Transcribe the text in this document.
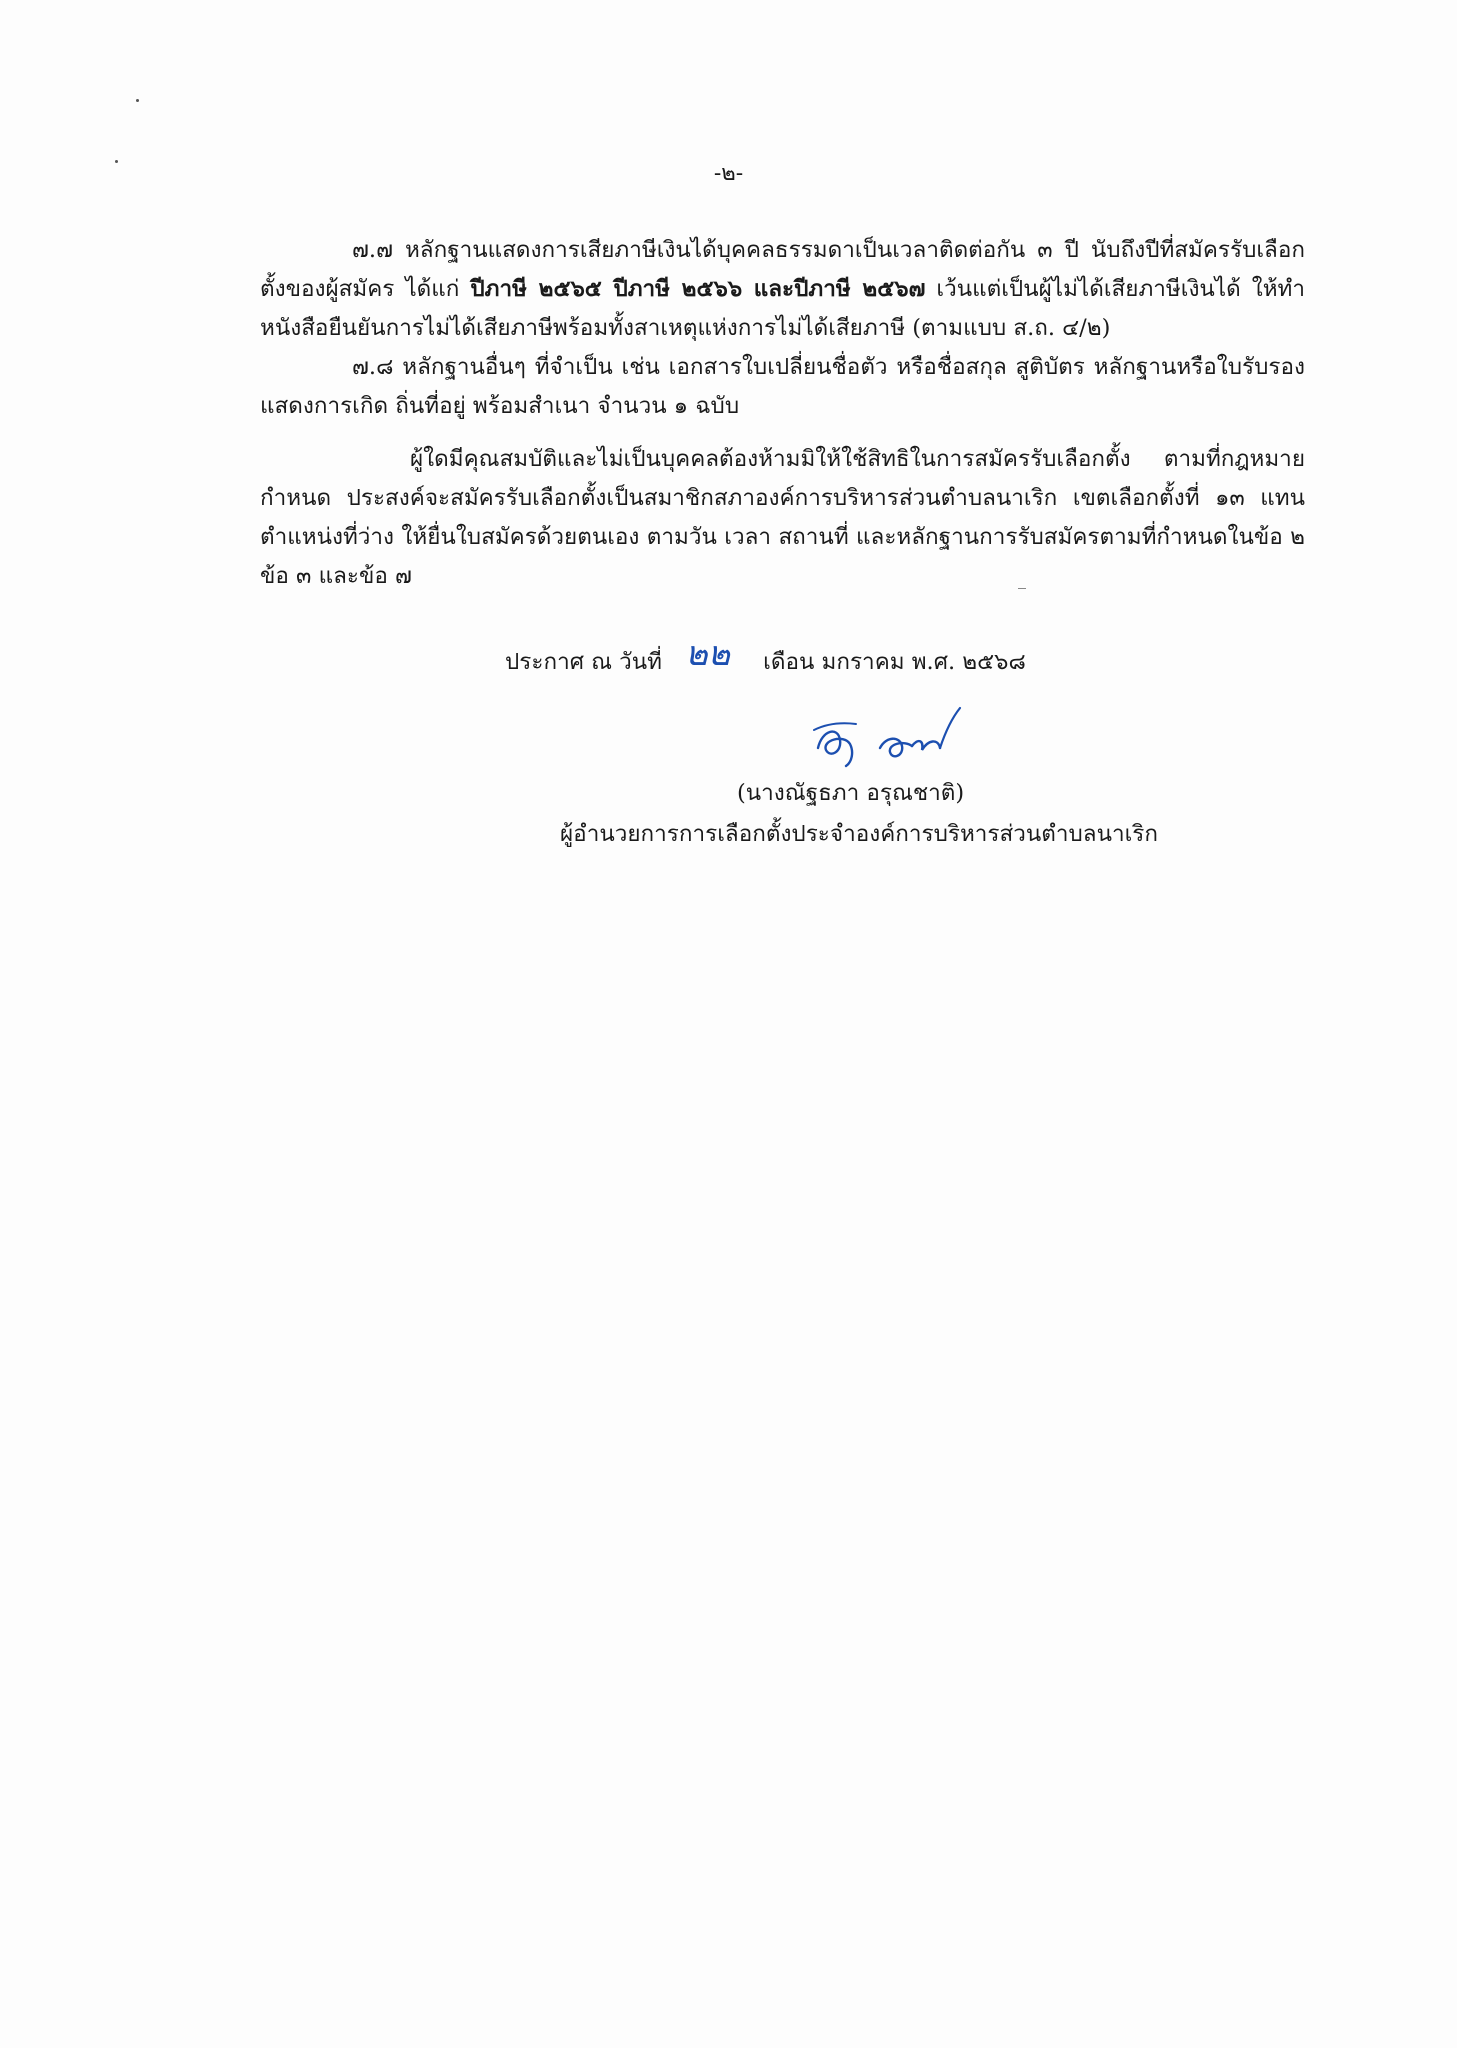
-๒-

๗.๗ หลักฐานแสดงการเสียภาษีเงินได้บุคคลธรรมดาเป็นเวลาติดต่อกัน ๓ ปี นับถึงปีที่สมัครรับเลือกตั้งของผู้สมัคร ได้แก่ ปีภาษี ๒๕๖๕ ปีภาษี ๒๕๖๖ และปีภาษี ๒๕๖๗ เว้นแต่เป็นผู้ไม่ได้เสียภาษีเงินได้ ให้ทำหนังสือยืนยันการไม่ได้เสียภาษีพร้อมทั้งสาเหตุแห่งการไม่ได้เสียภาษี (ตามแบบ ส.ถ. ๔/๒)

๗.๘ หลักฐานอื่นๆ ที่จำเป็น เช่น เอกสารใบเปลี่ยนชื่อตัว หรือชื่อสกุล สูติบัตร หลักฐานหรือใบรับรองแสดงการเกิด ถิ่นที่อยู่ พร้อมสำเนา จำนวน ๑ ฉบับ

ผู้ใดมีคุณสมบัติและไม่เป็นบุคคลต้องห้ามมิให้ใช้สิทธิในการสมัครรับเลือกตั้ง ตามที่กฎหมายกำหนด ประสงค์จะสมัครรับเลือกตั้งเป็นสมาชิกสภาองค์การบริหารส่วนตำบลนาเริก เขตเลือกตั้งที่ ๑๓ แทนตำแหน่งที่ว่าง ให้ยื่นใบสมัครด้วยตนเอง ตามวัน เวลา สถานที่ และหลักฐานการรับสมัครตามที่กำหนดในข้อ ๒ ข้อ ๓ และข้อ ๗

ประกาศ ณ วันที่ ๒๒ เดือน มกราคม พ.ศ. ๒๕๖๘
(นางณัฐธภา อรุณชาติ)
ผู้อำนวยการการเลือกตั้งประจำองค์การบริหารส่วนตำบลนาเริก
